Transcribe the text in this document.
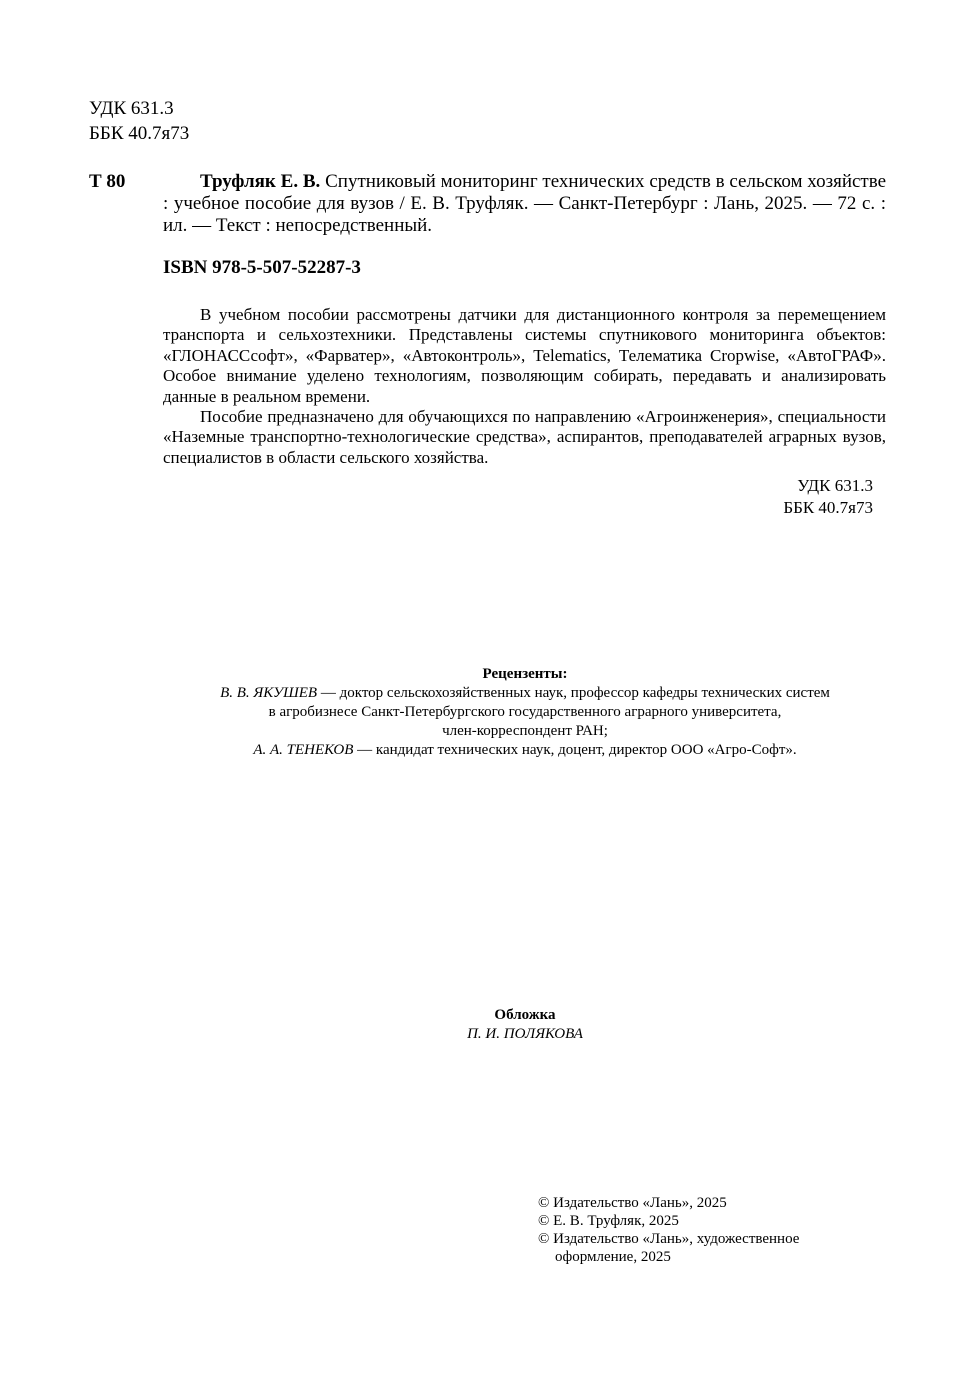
УДК 631.3
ББК 40.7я73
Т 80	Труфляк Е. В. Спутниковый мониторинг технических средств в сельском хозяйстве : учебное пособие для вузов / Е. В. Труфляк. — Санкт-Петербург : Лань, 2025. — 72 с. : ил. — Текст : непосредственный.
ISBN 978-5-507-52287-3

В учебном пособии рассмотрены датчики для дистанционного контроля за перемещением транспорта и сельхозтехники. Представлены системы спутникового мониторинга объектов: «ГЛОНАССсофт», «Фарватер», «Автоконтроль», Telematics, Телематика Cropwise, «АвтоГРАФ». Особое внимание уделено технологиям, позволяющим собирать, передавать и анализировать данные в реальном времени.

Пособие предназначено для обучающихся по направлению «Агроинженерия», специальности «Наземные транспортно-технологические средства», аспирантов, преподавателей аграрных вузов, специалистов в области сельского хозяйства.

УДК 631.3
ББК 40.7я73
Рецензенты:
В. В. ЯКУШЕВ — доктор сельскохозяйственных наук, профессор кафедры технических систем
в агробизнесе Санкт-Петербургского государственного аграрного университета,
член-корреспондент РАН;
А. А. ТЕНЕКОВ — кандидат технических наук, доцент, директор ООО «Агро-Софт».
Обложка
П. И. ПОЛЯКОВА
© Издательство «Лань», 2025
© Е. В. Труфляк, 2025
© Издательство «Лань», художественное
оформление, 2025
